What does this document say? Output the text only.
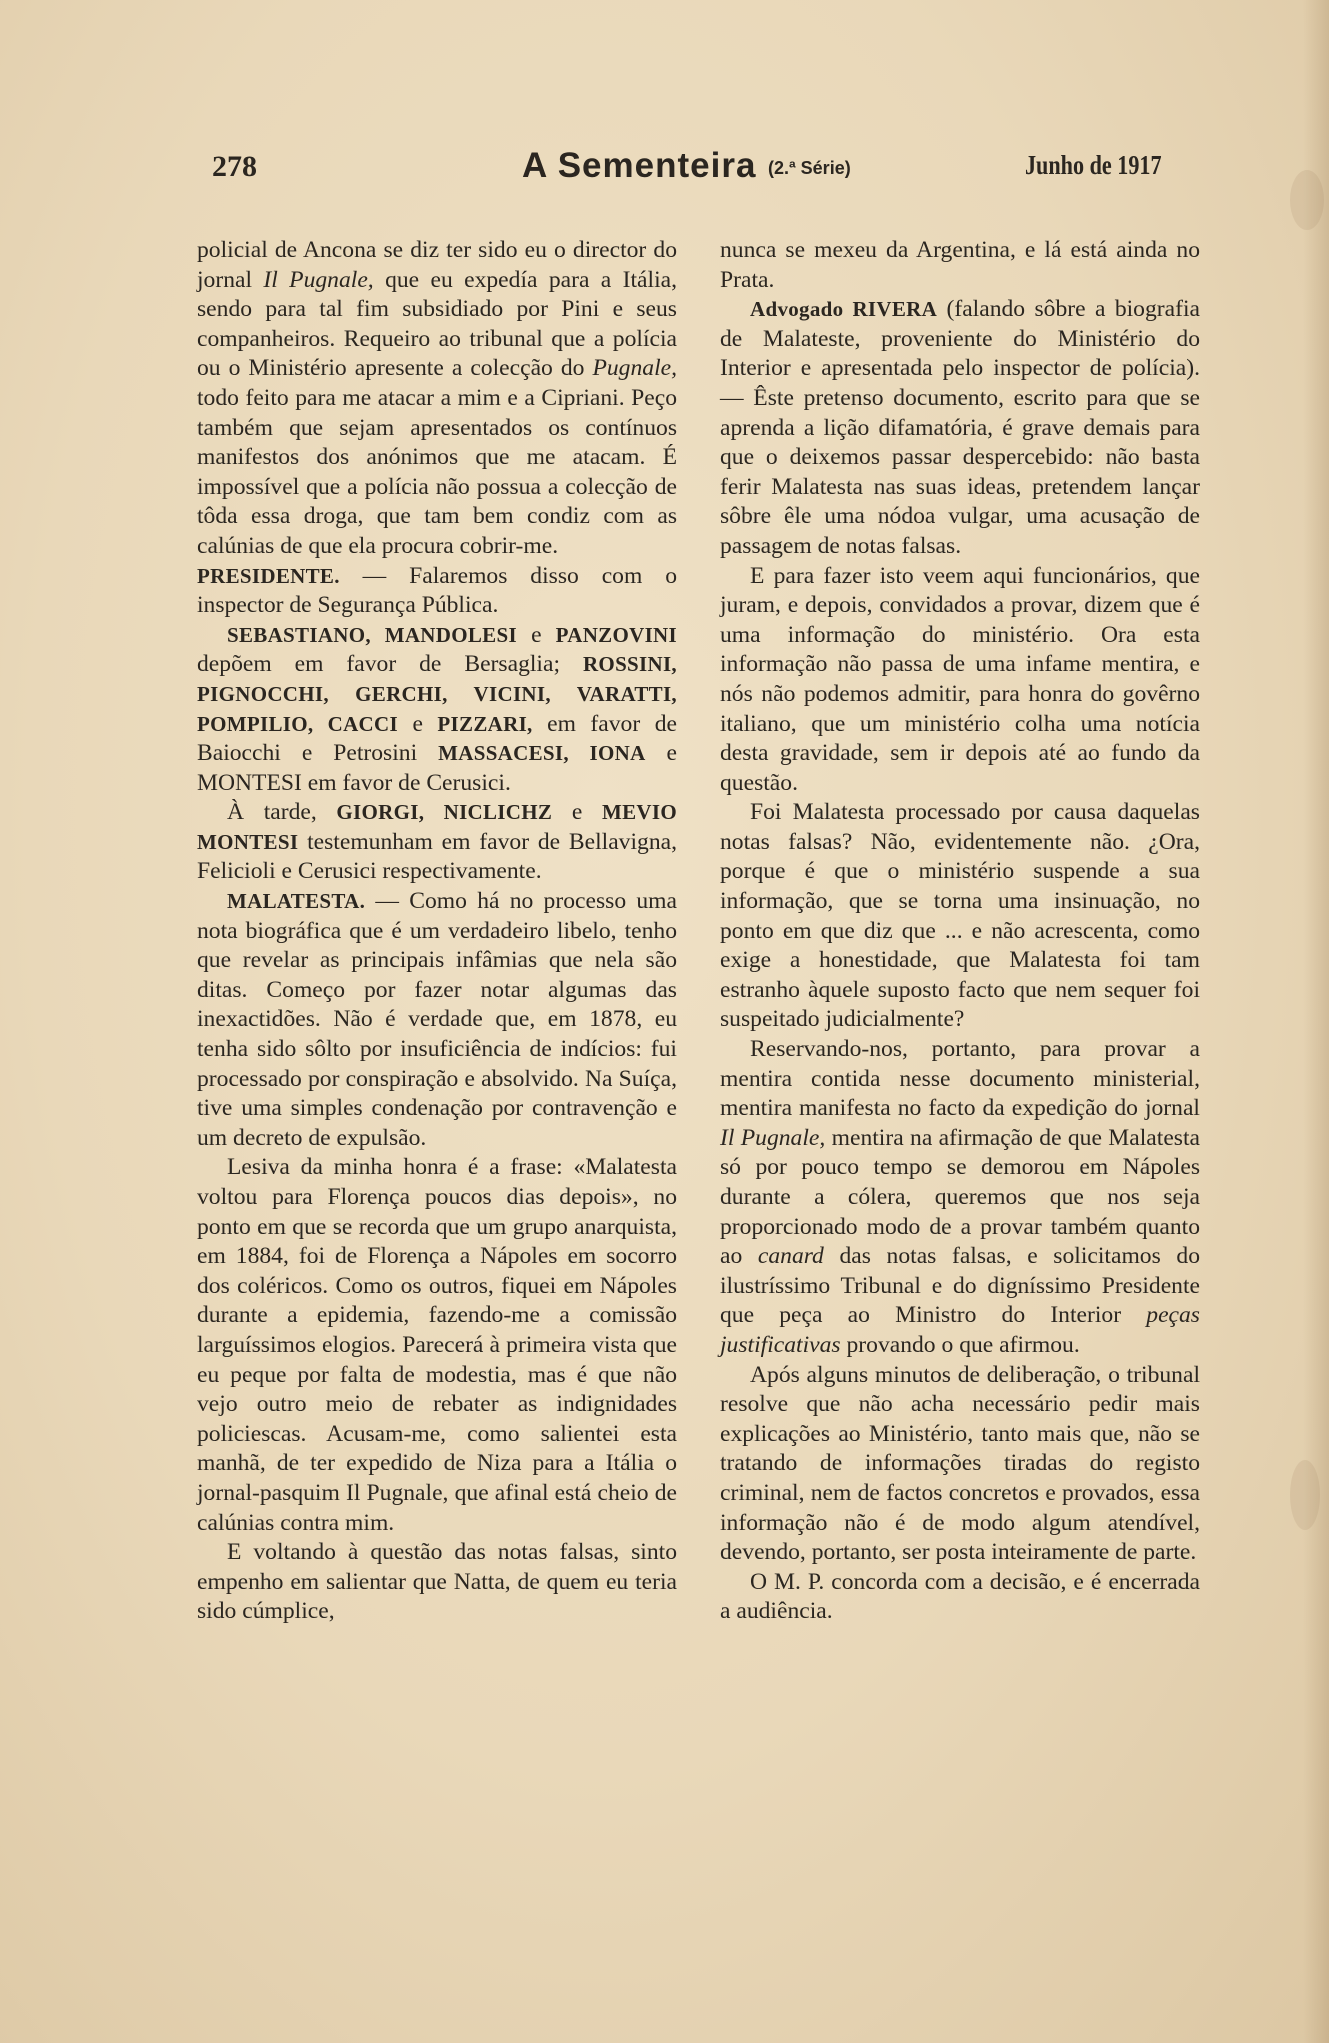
278	A Sementeira (2.ª Série)	Junho de 1917

policial de Ancona se diz ter sido eu o director do jornal Il Pugnale, que eu expedía para a Itália, sendo para tal fim subsidiado por Pini e seus companheiros. Requeiro ao tribunal que a polícia ou o Ministério apresente a colecção do Pugnale, todo feito para me atacar a mim e a Cipriani. Peço também que sejam apresentados os contínuos manifestos dos anónimos que me atacam. É impossível que a polícia não possua a colecção de tôda essa droga, que tam bem condiz com as calúnias de que ela procura cobrir-me.

PRESIDENTE. — Falaremos disso com o inspector de Segurança Pública.

SEBASTIANO, MANDOLESI e PANZOVINI depõem em favor de Bersaglia; ROSSINI, PIGNOCCHI, GERCHI, VICINI, VARATTI, POMPILIO, CACCI e PIZZARI, em favor de Baiocchi e Petrosini MASSACESI, IONA e MONTESI em favor de Cerusici.

À tarde, GIORGI, NICLICHZ e MEVIO MONTESI testemunham em favor de Bellavigna, Felicioli e Cerusici respectivamente.

MALATESTA. — Como há no processo uma nota biográfica que é um verdadeiro libelo, tenho que revelar as principais infâmias que nela são ditas. Começo por fazer notar algumas das inexactidões. Não é verdade que, em 1878, eu tenha sido sôlto por insuficiência de indícios: fui processado por conspiração e absolvido. Na Suíça, tive uma simples condenação por contravenção e um decreto de expulsão.

Lesiva da minha honra é a frase: «Malatesta voltou para Florença poucos dias depois», no ponto em que se recorda que um grupo anarquista, em 1884, foi de Florença a Nápoles em socorro dos coléricos. Como os outros, fiquei em Nápoles durante a epidemia, fazendo-me a comissão larguíssimos elogios. Parecerá à primeira vista que eu peque por falta de modestia, mas é que não vejo outro meio de rebater as indignidades policiescas. Acusam-me, como salientei esta manhã, de ter expedido de Niza para a Itália o jornal-pasquim Il Pugnale, que afinal está cheio de calúnias contra mim.

E voltando à questão das notas falsas, sinto empenho em salientar que Natta, de quem eu teria sido cúmplice,

nunca se mexeu da Argentina, e lá está ainda no Prata.

Advogado RIVERA (falando sôbre a biografia de Malateste, proveniente do Ministério do Interior e apresentada pelo inspector de polícia). — Êste pretenso documento, escrito para que se aprenda a lição difamatória, é grave demais para que o deixemos passar despercebido: não basta ferir Malatesta nas suas ideas, pretendem lançar sôbre êle uma nódoa vulgar, uma acusação de passagem de notas falsas.

E para fazer isto veem aqui funcionários, que juram, e depois, convidados a provar, dizem que é uma informação do ministério. Ora esta informação não passa de uma infame mentira, e nós não podemos admitir, para honra do govêrno italiano, que um ministério colha uma notícia desta gravidade, sem ir depois até ao fundo da questão.

Foi Malatesta processado por causa daquelas notas falsas? Não, evidentemente não. ¿Ora, porque é que o ministério suspende a sua informação, que se torna uma insinuação, no ponto em que diz que ... e não acrescenta, como exige a honestidade, que Malatesta foi tam estranho àquele suposto facto que nem sequer foi suspeitado judicialmente?

Reservando-nos, portanto, para provar a mentira contida nesse documento ministerial, mentira manifesta no facto da expedição do jornal Il Pugnale, mentira na afirmação de que Malatesta só por pouco tempo se demorou em Nápoles durante a cólera, queremos que nos seja proporcionado modo de a provar também quanto ao canard das notas falsas, e solicitamos do ilustríssimo Tribunal e do digníssimo Presidente que peça ao Ministro do Interior peças justificativas provando o que afirmou.

Após alguns minutos de deliberação, o tribunal resolve que não acha necessário pedir mais explicações ao Ministério, tanto mais que, não se tratando de informações tiradas do registo criminal, nem de factos concretos e provados, essa informação não é de modo algum atendível, devendo, portanto, ser posta inteiramente de parte.

O M. P. concorda com a decisão, e é encerrada a audiência.
